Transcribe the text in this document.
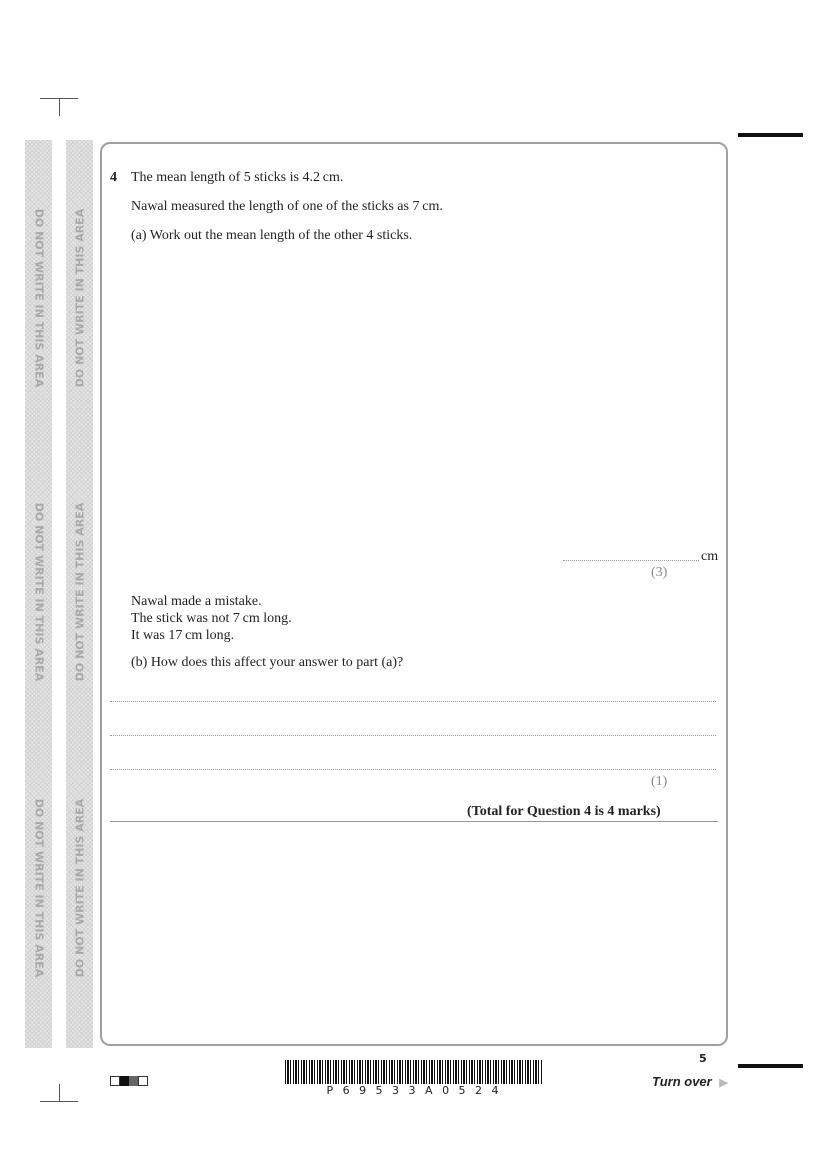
DO NOT WRITE IN THIS AREA
DO NOT WRITE IN THIS AREA
DO NOT WRITE IN THIS AREA
DO NOT WRITE IN THIS AREA
DO NOT WRITE IN THIS AREA
DO NOT WRITE IN THIS AREA
4 The mean length of 5 sticks is 4.2 cm.
Nawal measured the length of one of the sticks as 7 cm.
(a) Work out the mean length of the other 4 sticks.
cm
(3)
Nawal made a mistake.
The stick was not 7 cm long.
It was 17 cm long.
(b) How does this affect your answer to part (a)?
(1)
(Total for Question 4 is 4 marks)
P 6 9 5 3 3 A 0 5 2 4
5
Turn over ▶
